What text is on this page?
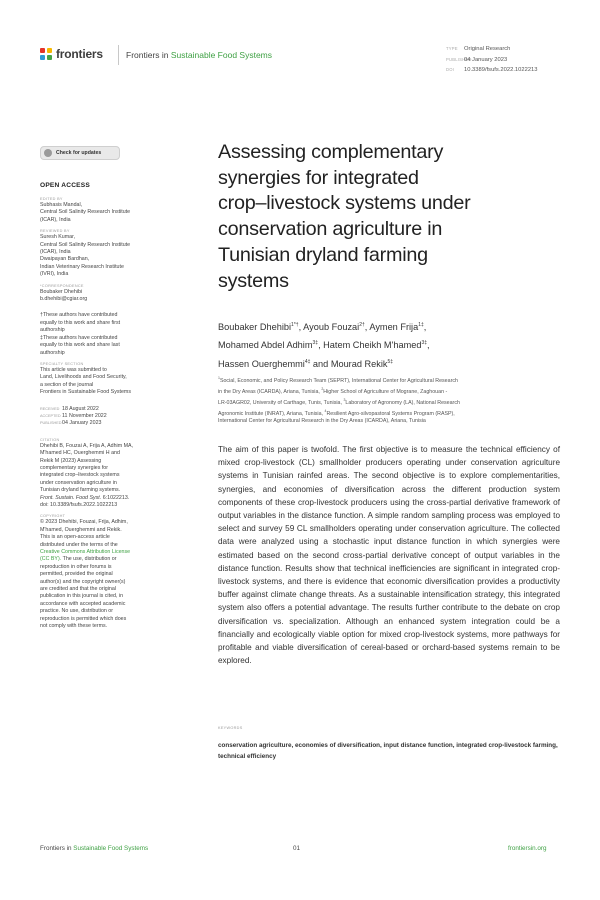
frontiers	Frontiers in Sustainable Food Systems
TYPE Original Research
PUBLISHED04 January 2023
DOI 10.3389/fsufs.2022.1022213
Check for updates
OPEN ACCESS
EDITED BY
Subhasis Mandal,
Central Soil Salinity Research Institute
(ICAR), India
REVIEWED BY
Suresh Kumar,
Central Soil Salinity Research Institute
(ICAR), India
Dwaipayan Bardhan,
Indian Veterinary Research Institute
(IVRI), India
*CORRESPONDENCE
Boubaker Dhehibi
b.dhehibi@cgiar.org
†These authors have contributed
equally to this work and share first
authorship
‡These authors have contributed
equally to this work and share last
authorship
SPECIALTY SECTION
This article was submitted to
Land, Livelihoods and Food Security,
a section of the journal
Frontiers in Sustainable Food Systems
RECEIVED 18 August 2022
ACCEPTED11 November 2022
PUBLISHED04 January 2023
CITATION
Dhehibi B, Fouzai A, Frija A, Adhim MA,
M'hamed HC, Ouerghemmi H and
Rekik M (2023) Assessing
complementary synergies for
integrated crop–livestock systems
under conservation agriculture in
Tunisian dryland farming systems.
Front. Sustain. Food Syst. 6:1022213.
doi: 10.3389/fsufs.2022.1022213
COPYRIGHT
© 2023 Dhehibi, Fouzai, Frija, Adhim,
M'hamed, Ouerghemmi and Rekik.
This is an open-access article
distributed under the terms of the
Creative Commons Attribution License
(CC BY). The use, distribution or
reproduction in other forums is
permitted, provided the original
author(s) and the copyright owner(s)
are credited and that the original
publication in this journal is cited, in
accordance with accepted academic
practice. No use, distribution or
reproduction is permitted which does
not comply with these terms.
Assessing complementary
synergies for integrated
crop–livestock systems under
conservation agriculture in
Tunisian dryland farming
systems
Boubaker Dhehibi$^{1*\dagger}$, Ayoub Fouzai$^{2\dagger}$, Aymen Frija$^{1\ddagger}$,
Mohamed Abdel Adhim$^{3\ddagger}$, Hatem Cheikh M'hamed$^{3\ddagger}$,
Hassen Ouerghemmi$^{4\ddagger}$ and Mourad Rekik$^{5\ddagger}$
$^1$Social, Economic, and Policy Research Team (SEPRT), International Center for Agricultural Research
in the Dry Areas (ICARDA), Ariana, Tunisia, $^2$Higher School of Agriculture of Mograne, Zaghouan -
LR-03AGR02, University of Carthage, Tunis, Tunisia, $^3$Laboratory of Agronomy (LA), National Research
Agronomic Institute (INRAT), Ariana, Tunisia, $^4$Resilient Agro-silvopastoral Systems Program (RASP),
International Center for Agricultural Research in the Dry Areas (ICARDA), Ariana, Tunisia
The aim of this paper is twofold. The first objective is to measure the technical efficiency of mixed crop-livestock (CL) smallholder producers operating under conservation agriculture systems in Tunisian rainfed areas. The second objective is to explore complementarities, synergies, and economies of diversification across the different production system components of these crop-livestock producers using the cross-partial derivative framework of output variables in the distance function. A simple random sampling process was employed to select and survey 59 CL smallholders operating under conservation agriculture. The collected data were analyzed using a stochastic input distance function in which synergies were estimated based on the second cross-partial derivative concept of output variables in the distance function. Results show that technical inefficiencies are significant in integrated crop-livestock systems, and there is evidence that economic diversification provides a productivity buffer against climate change threats. As a sustainable intensification strategy, this integrated system also offers a potential advantage. The results further contribute to the debate on crop diversification vs. specialization. Although an enhanced system integration could be a financially and ecologically viable option for mixed crop-livestock systems, more pathways for profitable and viable diversification of cereal-based or orchard-based systems remain to be explored.
KEYWORDS
conservation agriculture, economies of diversification, input distance function, integrated crop-livestock farming, technical efficiency
Frontiers in Sustainable Food Systems	01	frontiersin.org
